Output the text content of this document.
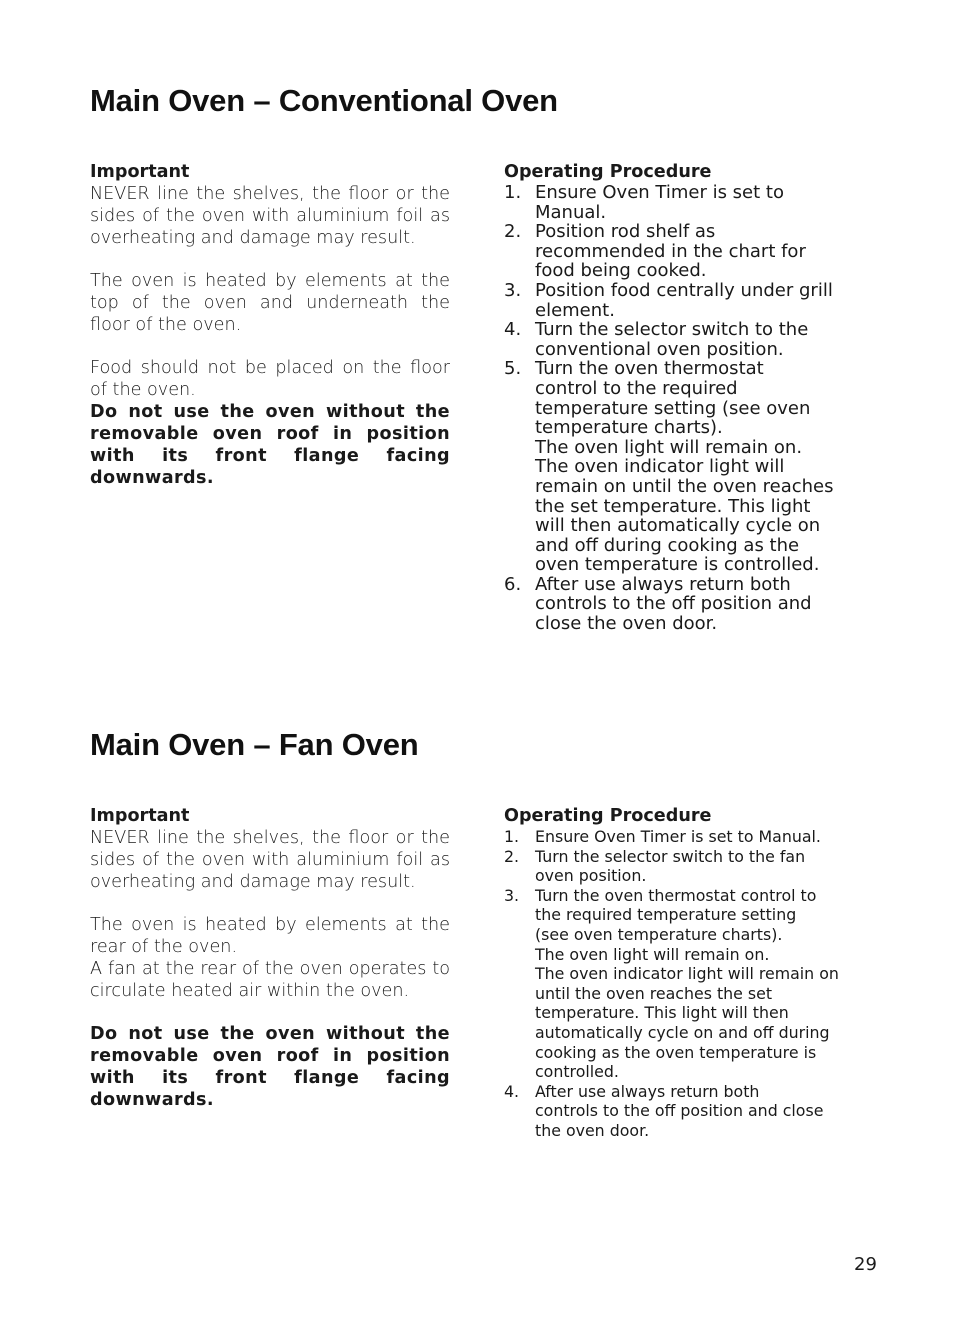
Main Oven – Conventional Oven

Important

NEVER line the shelves, the floor or the sides of the oven with aluminium foil as overheating and damage may result.

The oven is heated by elements at the top of the oven and underneath the floor of the oven.

Food should not be placed on the floor of the oven.

Do not use the oven without the removable oven roof in position with its front flange facing downwards.

Operating Procedure

1. Ensure Oven Timer is set to
Manual.
2. Position rod shelf as
recommended in the chart for
food being cooked.
3. Position food centrally under grill
element.
4. Turn the selector switch to the
conventional oven position.
5. Turn the oven thermostat
control to the required
temperature setting (see oven
temperature charts).
The oven light will remain on.
The oven indicator light will
remain on until the oven reaches
the set temperature. This light
will then automatically cycle on
and off during cooking as the
oven temperature is controlled.
6. After use always return both
controls to the off position and
close the oven door.
Main Oven – Fan Oven

Important

NEVER line the shelves, the floor or the sides of the oven with aluminium foil as overheating and damage may result.

The oven is heated by elements at the rear of the oven.

A fan at the rear of the oven operates to circulate heated air within the oven.

Do not use the oven without the removable oven roof in position with its front flange facing downwards.

Operating Procedure

1. Ensure Oven Timer is set to Manual.
2. Turn the selector switch to the fan
oven position.
3. Turn the oven thermostat control to
the required temperature setting
(see oven temperature charts).
The oven light will remain on.
The oven indicator light will remain on
until the oven reaches the set
temperature. This light will then
automatically cycle on and off during
cooking as the oven temperature is
controlled.
4. After use always return both
controls to the off position and close
the oven door.
29
